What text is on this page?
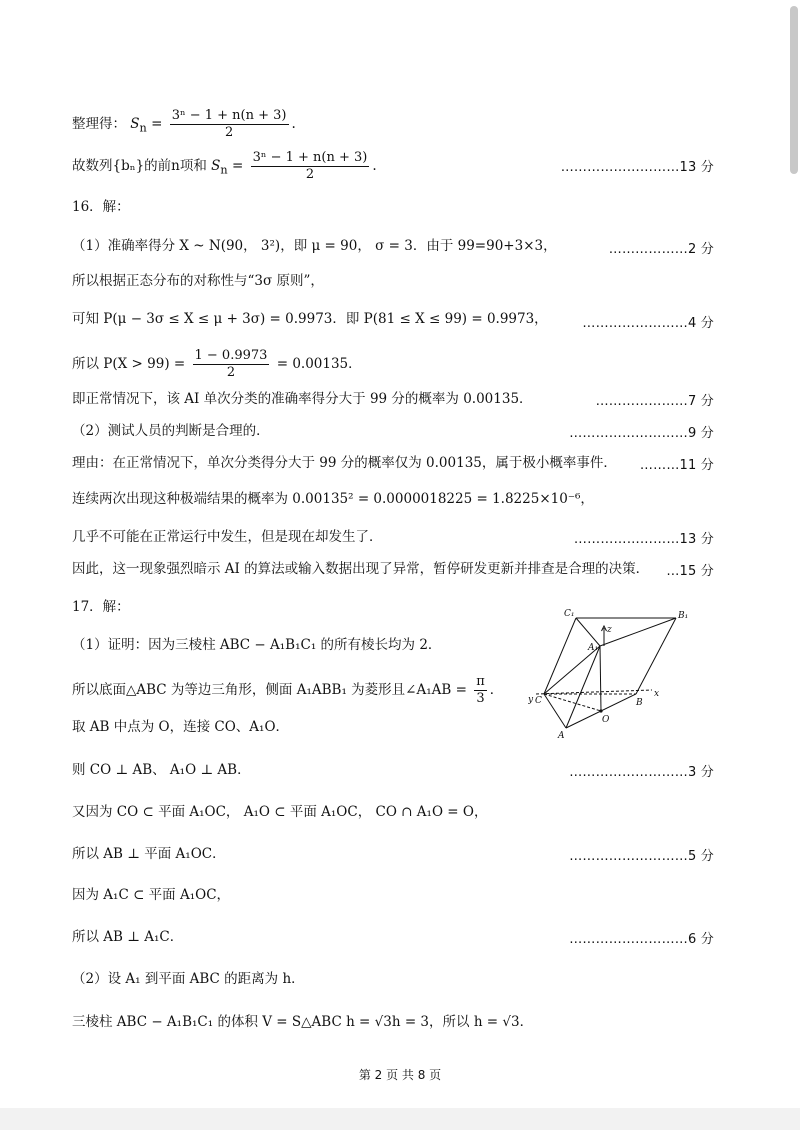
整理得： $S_n = \frac{\text{3ⁿ − 1 + n(n + 3)}}{2}$ .
故数列{bₙ}的前n项和 $S_n = \frac{\text{3ⁿ − 1 + n(n + 3)}}{2}$ .	………………………13 分
16．解：
（1）准确率得分 X ~ N(90， 3²)，即 μ = 90， σ = 3．由于 99=90+3×3，	………………2 分
所以根据正态分布的对称性与“3σ 原则”，
可知 P(μ − 3σ ≤ X ≤ μ + 3σ) = 0.9973．即 P(81 ≤ X ≤ 99) = 0.9973，	……………………4 分
所以 $P(X > 99) = \frac{1 - 0.9973}{2} = 0.00135$．
即正常情况下，该 AI 单次分类的准确率得分大于 99 分的概率为 0.00135．	…………………7 分
（2）测试人员的判断是合理的．	………………………9 分
理由：在正常情况下，单次分类得分大于 99 分的概率仅为 0.00135，属于极小概率事件． ………11 分
连续两次出现这种极端结果的概率为 0.00135² = 0.0000018225 = 1.8225×10⁻⁶，
几乎不可能在正常运行中发生，但是现在却发生了．	……………………13 分
因此，这一现象强烈暗示 AI 的算法或输入数据出现了异常，暂停研发更新并排查是合理的决策． …15 分
17．解：
（1）证明：因为三棱柱 ABC − A₁B₁C₁ 的所有棱长均为 2．
所以底面△ABC 为等边三角形，侧面 A₁ABB₁ 为菱形且∠A₁AB = $\frac{\pi}{3}$ ．
取 AB 中点为 O，连接 CO、A₁O．
则 CO ⊥ AB、 A₁O ⊥ AB．	………………………3 分
又因为 CO ⊂ 平面 A₁OC， A₁O ⊂ 平面 A₁OC， CO ∩ A₁O = O，
所以 AB ⊥ 平面 A₁OC．	………………………5 分
因为 A₁C ⊂ 平面 A₁OC，
所以 AB ⊥ A₁C．	………………………6 分
（2）设 A₁ 到平面 ABC 的距离为 h．
三棱柱 ABC − A₁B₁C₁ 的体积 V = S△ABC h = √3h = 3，所以 h = √3．
C₁	B₁
A₁
z
y C
O
B
x
A
第 2 页 共 8 页
